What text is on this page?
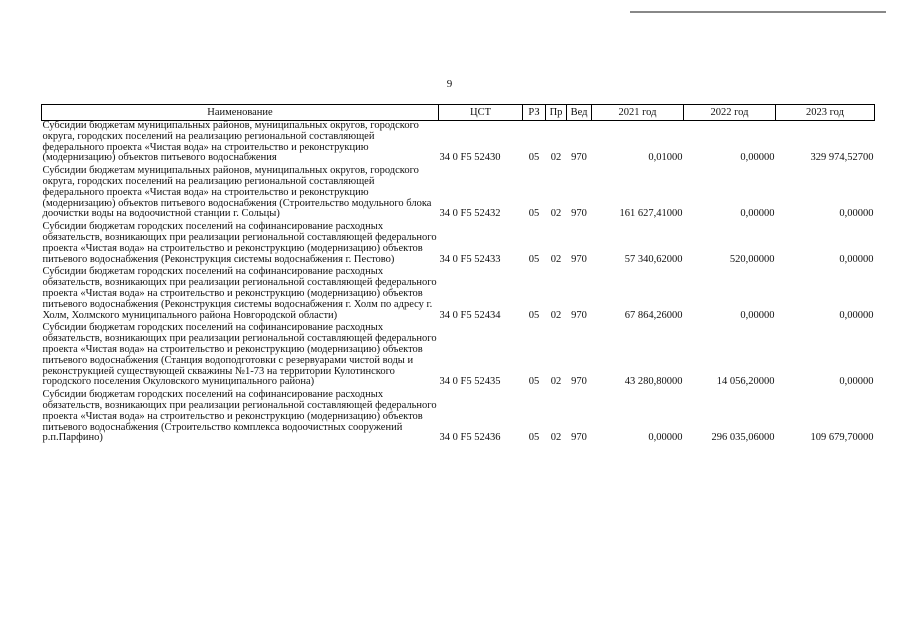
9
Наименование	ЦСТ	РЗ	Пр	Вед	2021 год	2022 год	2023 год
Субсидии бюджетам муниципальных районов, муниципальных округов, городского округа, городских поселений на реализацию региональной составляющей федерального проекта «Чистая вода» на строительство и реконструкцию (модернизацию) объектов питьевого водоснабжения	34 0 F5 52430	05	02	970	0,01000	0,00000	329 974,52700
Субсидии бюджетам муниципальных районов, муниципальных округов, городского округа, городских поселений на реализацию региональной составляющей федерального проекта «Чистая вода» на строительство и реконструкцию (модернизацию) объектов питьевого водоснабжения (Строительство модульного блока доочистки воды на водоочистной станции г. Сольцы)	34 0 F5 52432	05	02	970	161 627,41000	0,00000	0,00000
Субсидии бюджетам городских поселений на софинансирование расходных обязательств, возникающих при реализации региональной составляющей федерального проекта «Чистая вода» на строительство и реконструкцию (модернизацию) объектов питьевого водоснабжения (Реконструкция системы водоснабжения г. Пестово)	34 0 F5 52433	05	02	970	57 340,62000	520,00000	0,00000
Субсидии бюджетам городских поселений на софинансирование расходных обязательств, возникающих при реализации региональной составляющей федерального проекта «Чистая вода» на строительство и реконструкцию (модернизацию) объектов питьевого водоснабжения (Реконструкция системы водоснабжения г. Холм по адресу г. Холм, Холмского муниципального района Новгородской области)	34 0 F5 52434	05	02	970	67 864,26000	0,00000	0,00000
Субсидии бюджетам городских поселений на софинансирование расходных обязательств, возникающих при реализации региональной составляющей федерального проекта «Чистая вода» на строительство и реконструкцию (модернизацию) объектов питьевого водоснабжения (Станция водоподготовки с резервуарами чистой воды и реконструкцией существующей скважины №1-73 на территории Кулотинского городского поселения Окуловского муниципального района)	34 0 F5 52435	05	02	970	43 280,80000	14 056,20000	0,00000
Субсидии бюджетам городских поселений на софинансирование расходных обязательств, возникающих при реализации региональной составляющей федерального проекта «Чистая вода» на строительство и реконструкцию (модернизацию) объектов питьевого водоснабжения (Строительство комплекса водоочистных сооружений р.п.Парфино)	34 0 F5 52436	05	02	970	0,00000	296 035,06000	109 679,70000
